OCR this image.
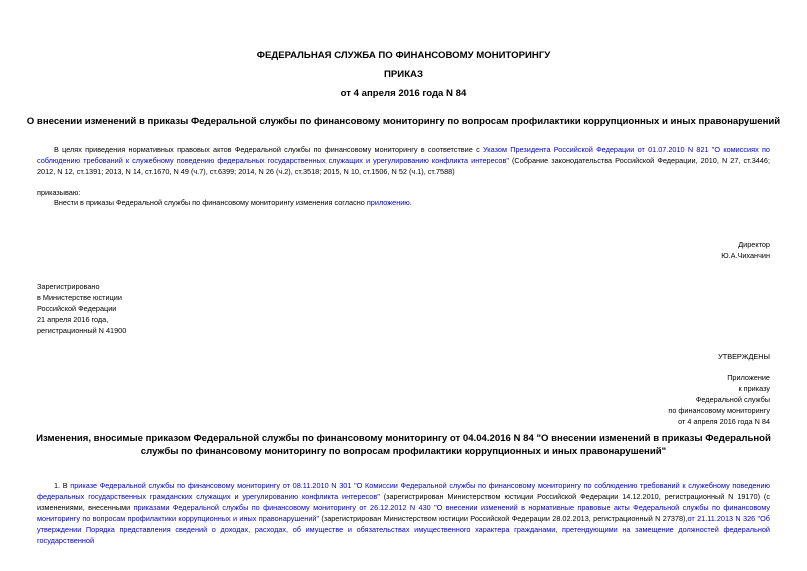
ФЕДЕРАЛЬНАЯ СЛУЖБА ПО ФИНАНСОВОМУ МОНИТОРИНГУ
ПРИКАЗ
от 4 апреля 2016 года N 84
О внесении изменений в приказы Федеральной службы по финансовому мониторингу по вопросам профилактики коррупционных и иных правонарушений
В целях приведения нормативных правовых актов Федеральной службы по финансовому мониторингу в соответствие с Указом Президента Российской Федерации от 01.07.2010 N 821 "О комиссиях по соблюдению требований к служебному поведению федеральных государственных служащих и урегулированию конфликта интересов" (Собрание законодательства Российской Федерации, 2010, N 27, ст.3446; 2012, N 12, ст.1391; 2013, N 14, ст.1670, N 49 (ч.7), ст.6399; 2014, N 26 (ч.2), ст.3518; 2015, N 10, ст.1506, N 52 (ч.1), ст.7588)
приказываю:
Внести в приказы Федеральной службы по финансовому мониторингу изменения согласно приложению.
Директор
Ю.А.Чиханчин
Зарегистрировано
в Министерстве юстиции
Российской Федерации
21 апреля 2016 года,
регистрационный N 41900
УТВЕРЖДЕНЫ
Приложение
к приказу
Федеральной службы
по финансовому мониторингу
от 4 апреля 2016 года N 84
Изменения, вносимые приказом Федеральной службы по финансовому мониторингу от 04.04.2016 N 84 "О внесении изменений в приказы Федеральной службы по финансовому мониторингу по вопросам профилактики коррупционных и иных правонарушений"
1. В приказе Федеральной службы по финансовому мониторингу от 08.11.2010 N 301 "О Комиссии Федеральной службы по финансовому мониторингу по соблюдению требований к служебному поведению федеральных государственных гражданских служащих и урегулированию конфликта интересов" (зарегистрирован Министерством юстиции Российской Федерации 14.12.2010, регистрационный N 19170) (с изменениями, внесенными приказами Федеральной службы по финансовому мониторингу от 26.12.2012 N 430 "О внесении изменений в нормативные правовые акты Федеральной службы по финансовому мониторингу по вопросам профилактики коррупционных и иных правонарушений" (зарегистрирован Министерством юстиции Российской Федерации 28.02.2013, регистрационный N 27378),от 21.11.2013 N 326 "Об утверждении Порядка представления сведений о доходах, расходах, об имуществе и обязательствах имущественного характера гражданами, претендующими на замещение должностей федеральной государственной
